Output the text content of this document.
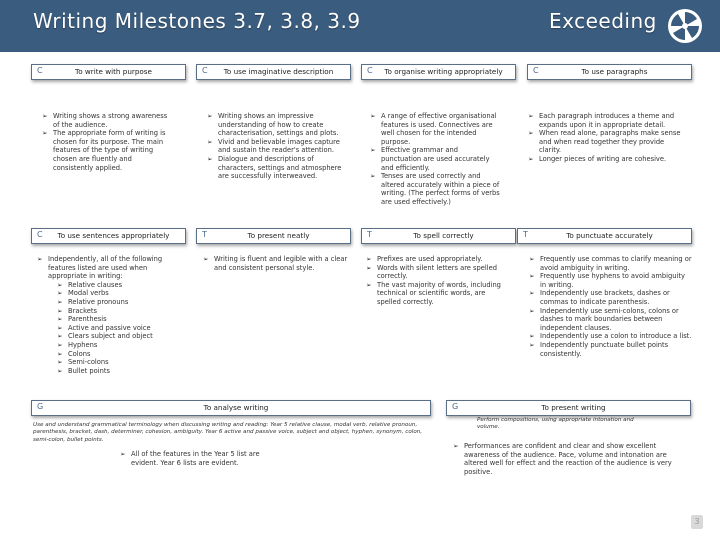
Writing Milestones 3.7, 3.8, 3.9	Exceeding
C	To write with purpose	C	To use imaginative description	C	To organise writing appropriately	C	To use paragraphs
➢ Writing shows a strong awareness of the audience.
➢ The appropriate form of writing is chosen for its purpose. The main features of the type of writing chosen are fluently and consistently applied.
➢ Writing shows an impressive understanding of how to create characterisation, settings and plots.
➢ Vivid and believable images capture and sustain the reader's attention.
➢ Dialogue and descriptions of characters, settings and atmosphere are successfully interweaved.
➢ A range of effective organisational features is used. Connectives are well chosen for the intended purpose.
➢ Effective grammar and punctuation are used accurately and efficiently.
➢ Tenses are used correctly and altered accurately within a piece of writing. (The perfect forms of verbs are used effectively.)
➢ Each paragraph introduces a theme and expands upon it in appropriate detail.
➢ When read alone, paragraphs make sense and when read together they provide clarity.
➢ Longer pieces of writing are cohesive.
C	To use sentences appropriately	T	To present neatly	T	To spell correctly	T	To punctuate accurately
➢ Independently, all of the following features listed are used when appropriate in writing:
➢ Relative clauses
➢ Modal verbs
➢ Relative pronouns
➢ Brackets
➢ Parenthesis
➢ Active and passive voice
➢ Clears subject and object
➢ Hyphens
➢ Colons
➢ Semi-colons
➢ Bullet points
➢ Writing is fluent and legible with a clear and consistent personal style.
➢ Prefixes are used appropriately.
➢ Words with silent letters are spelled correctly.
➢ The vast majority of words, including technical or scientific words, are spelled correctly.
➢ Frequently use commas to clarify meaning or avoid ambiguity in writing.
➢ Frequently use hyphens to avoid ambiguity in writing.
➢ Independently use brackets, dashes or commas to indicate parenthesis.
➢ Independently use semi-colons, colons or dashes to mark boundaries between independent clauses.
➢ Independently use a colon to introduce a list.
➢ Independently punctuate bullet points consistently.
G	To analyse writing	G	To present writing
Use and understand grammatical terminology when discussing writing and reading: Year 5 relative clause, modal verb, relative pronoun, parenthesis, bracket, dash, determiner, cohesion, ambiguity. Year 6 active and passive voice, subject and object, hyphen, synonym, colon, semi-colon, bullet points.
➢ All of the features in the Year 5 list are evident. Year 6 lists are evident.
Perform compositions, using appropriate intonation and volume.
➢ Performances are confident and clear and show excellent awareness of the audience. Pace, volume and intonation are altered well for effect and the reaction of the audience is very positive.
3
